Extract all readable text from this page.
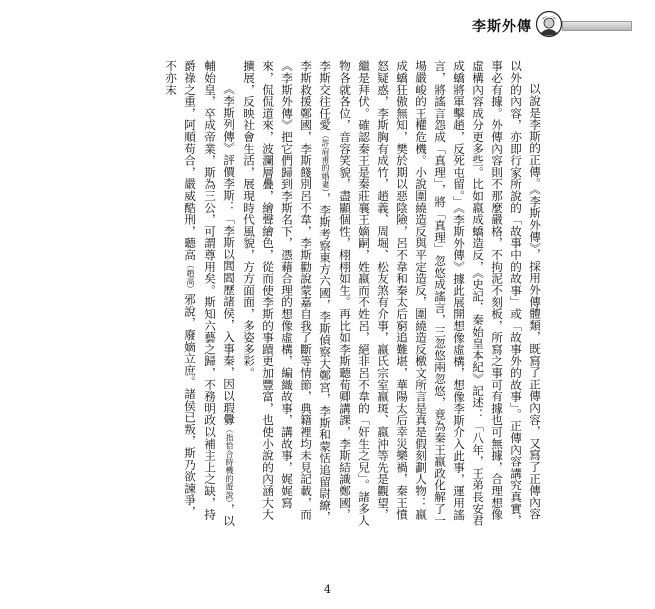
李斯外傳

以說是李斯的正傳。《李斯外傳》，採用外傳體類，既寫了正傳內容，又寫了正傳內容以外的內容，亦即行家所說的「故事中的故事」或「故事外的故事」。正傳內容講究真實，事必有據。外傳內容則不那麼嚴格，不拘泥不刻板，所寫之事可有據也可無據，合理想像虛構內容成分更多些。比如嬴成蟜造反，《史記．秦始皇本紀》記述：「八年，王弟長安君成蟜將軍擊趙，反死屯留。」《李斯外傳》據此展開想像虛構，想像李斯介入此事，運用謠言，將謠言怨成「真理」，將「真理」忽悠成謠言，三忽悠兩忽悠，竟為秦王嬴政化解了一場嚴峻的王權危機。小說圍繞造反與平定造反，圍繞造反檄文所言是真是假刻劃人物：嬴成蟜狂傲無知，樊於期以惡陰險，呂不韋和秦太后窮追難堪，華陽太后幸災樂禍，秦王憤怒疑惑，李斯胸有成竹，趙義、周堀、松友煞有介事，嬴氏宗室嬴斑、嬴沖等先是觀望，繼是拜伏。確認秦王是秦莊襄王嫡嗣，姓嬴而不姓呂，絕非呂不韋的「奸生之兒」。諸多人物各就各位，音容笑貌，盡顯個性，栩栩如生。再比如李斯聽荀卿講課，李斯結識鄭國，李斯交往任愛（許肩甫的婚妻），李斯考察東方六國，李斯偵察大鄭宮，李斯和蒙恬追留尉繚，李斯救援鄭國，李斯餞別呂不韋，李斯勸說蒙嘉自我了斷等情節，典籍裡均未見記載，而《李斯外傳》把它們歸到李斯名下，憑藉合理的想像虛構，編織故事，講故事，娓娓寫來，侃侃道來，波瀾層疊，繪聲繪色，從而使李斯的事蹟更加豐富，也使小說的內涵大大擴展，反映社會生活，展現時代風貌，方方面面，多姿多彩。

《李斯列傳》評價李斯：「李斯以閭閻歷諸侯，入事秦，因以瑕釁（指恰合時機的遊說），以輔始皇，卒成帝業，斯為三公，可謂尊用矣。斯知六藝之歸，不務明政以補主上之缺，持爵祿之重，阿順苟合，嚴威酷刑，聽高（趙高）邪說，廢嫡立庶。諸侯已叛，斯乃欲諫爭，不亦末

4
